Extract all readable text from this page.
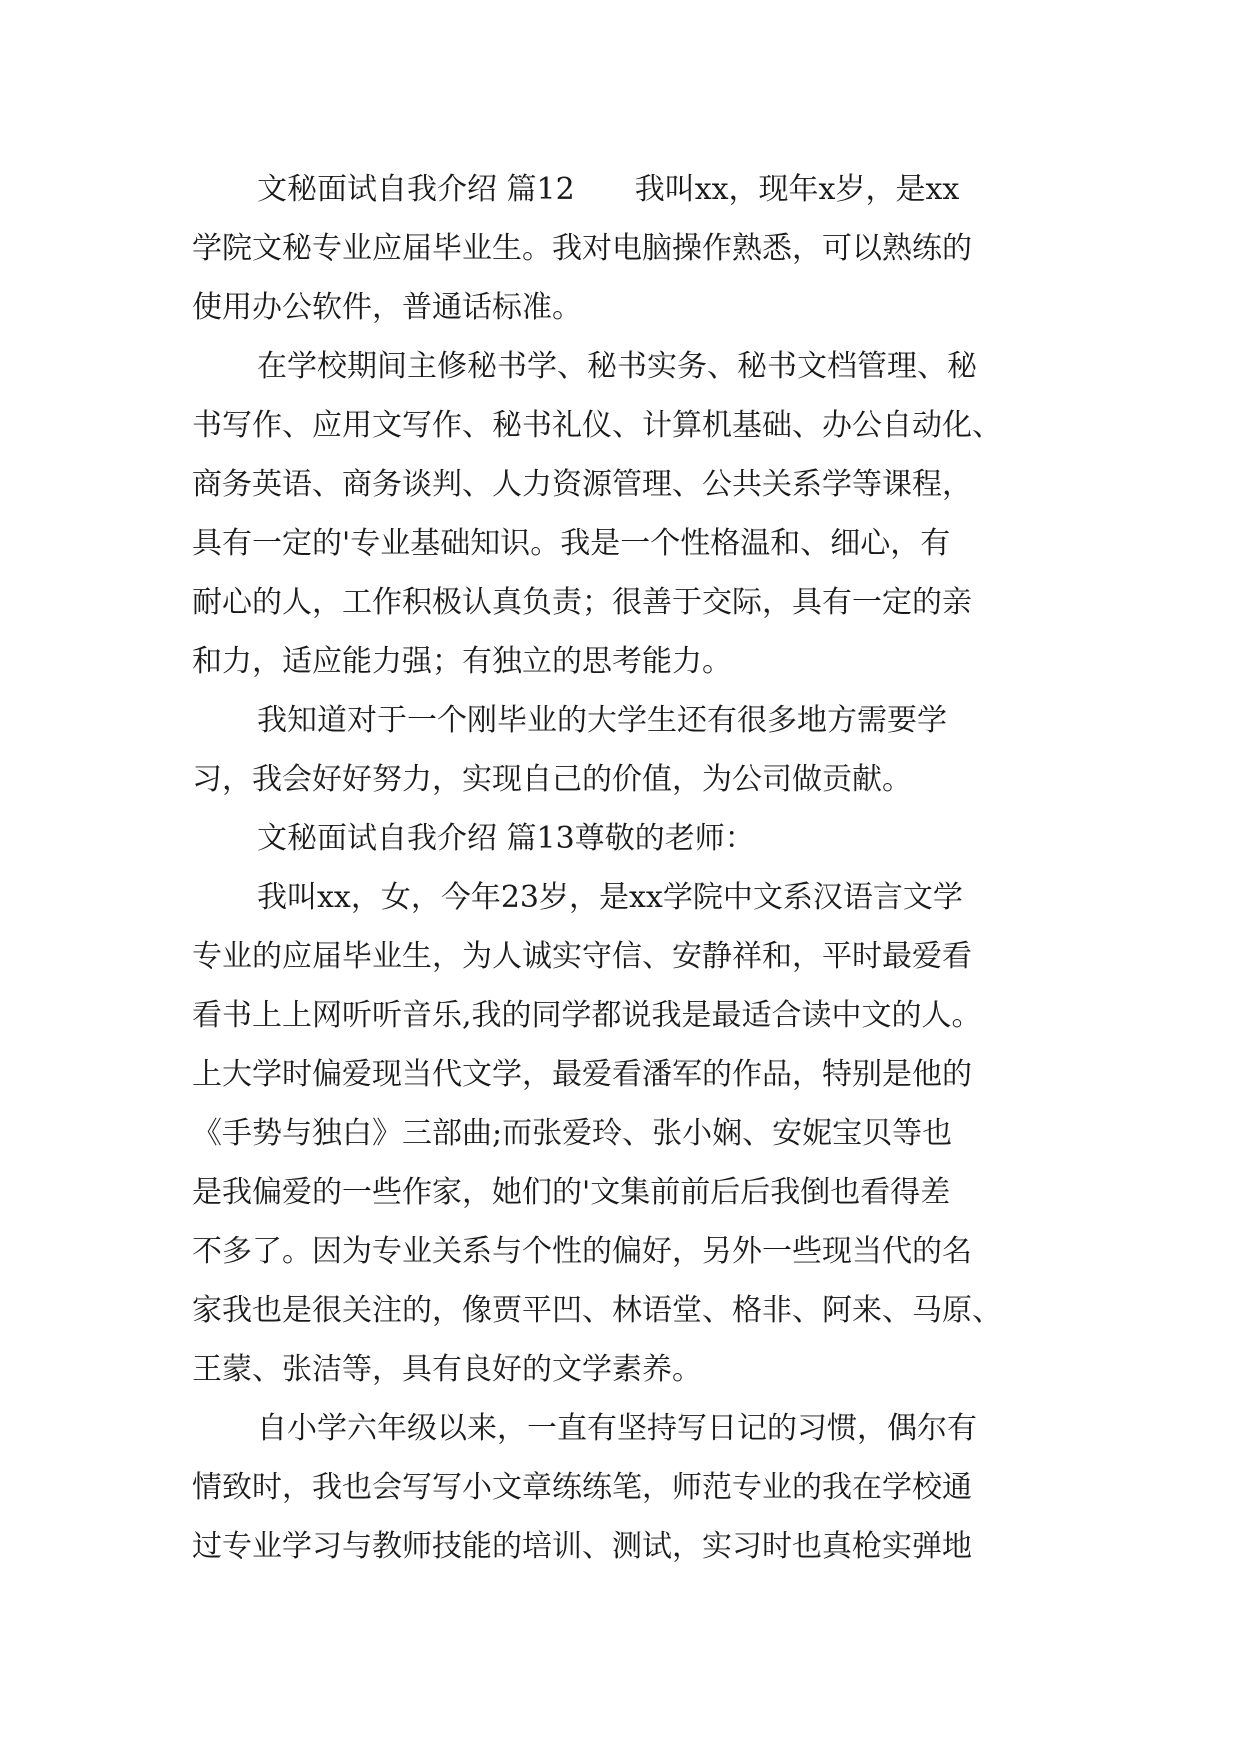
文秘面试自我介绍 篇12　　我叫xx，现年x岁，是xx
学院文秘专业应届毕业生。我对电脑操作熟悉，可以熟练的
使用办公软件，普通话标准。
在学校期间主修秘书学、秘书实务、秘书文档管理、秘
书写作、应用文写作、秘书礼仪、计算机基础、办公自动化、
商务英语、商务谈判、人力资源管理、公共关系学等课程，
具有一定的'专业基础知识。我是一个性格温和、细心，有
耐心的人，工作积极认真负责；很善于交际，具有一定的亲
和力，适应能力强；有独立的思考能力。
我知道对于一个刚毕业的大学生还有很多地方需要学
习，我会好好努力，实现自己的价值，为公司做贡献。
文秘面试自我介绍 篇13尊敬的老师：
我叫xx，女，今年23岁，是xx学院中文系汉语言文学
专业的应届毕业生，为人诚实守信、安静祥和，平时最爱看
看书上上网听听音乐,我的同学都说我是最适合读中文的人。
上大学时偏爱现当代文学，最爱看潘军的作品，特别是他的
《手势与独白》三部曲;而张爱玲、张小娴、安妮宝贝等也
是我偏爱的一些作家，她们的'文集前前后后我倒也看得差
不多了。因为专业关系与个性的偏好，另外一些现当代的名
家我也是很关注的，像贾平凹、林语堂、格非、阿来、马原、
王蒙、张洁等，具有良好的文学素养。
自小学六年级以来，一直有坚持写日记的习惯，偶尔有
情致时，我也会写写小文章练练笔，师范专业的我在学校通
过专业学习与教师技能的培训、测试，实习时也真枪实弹地
